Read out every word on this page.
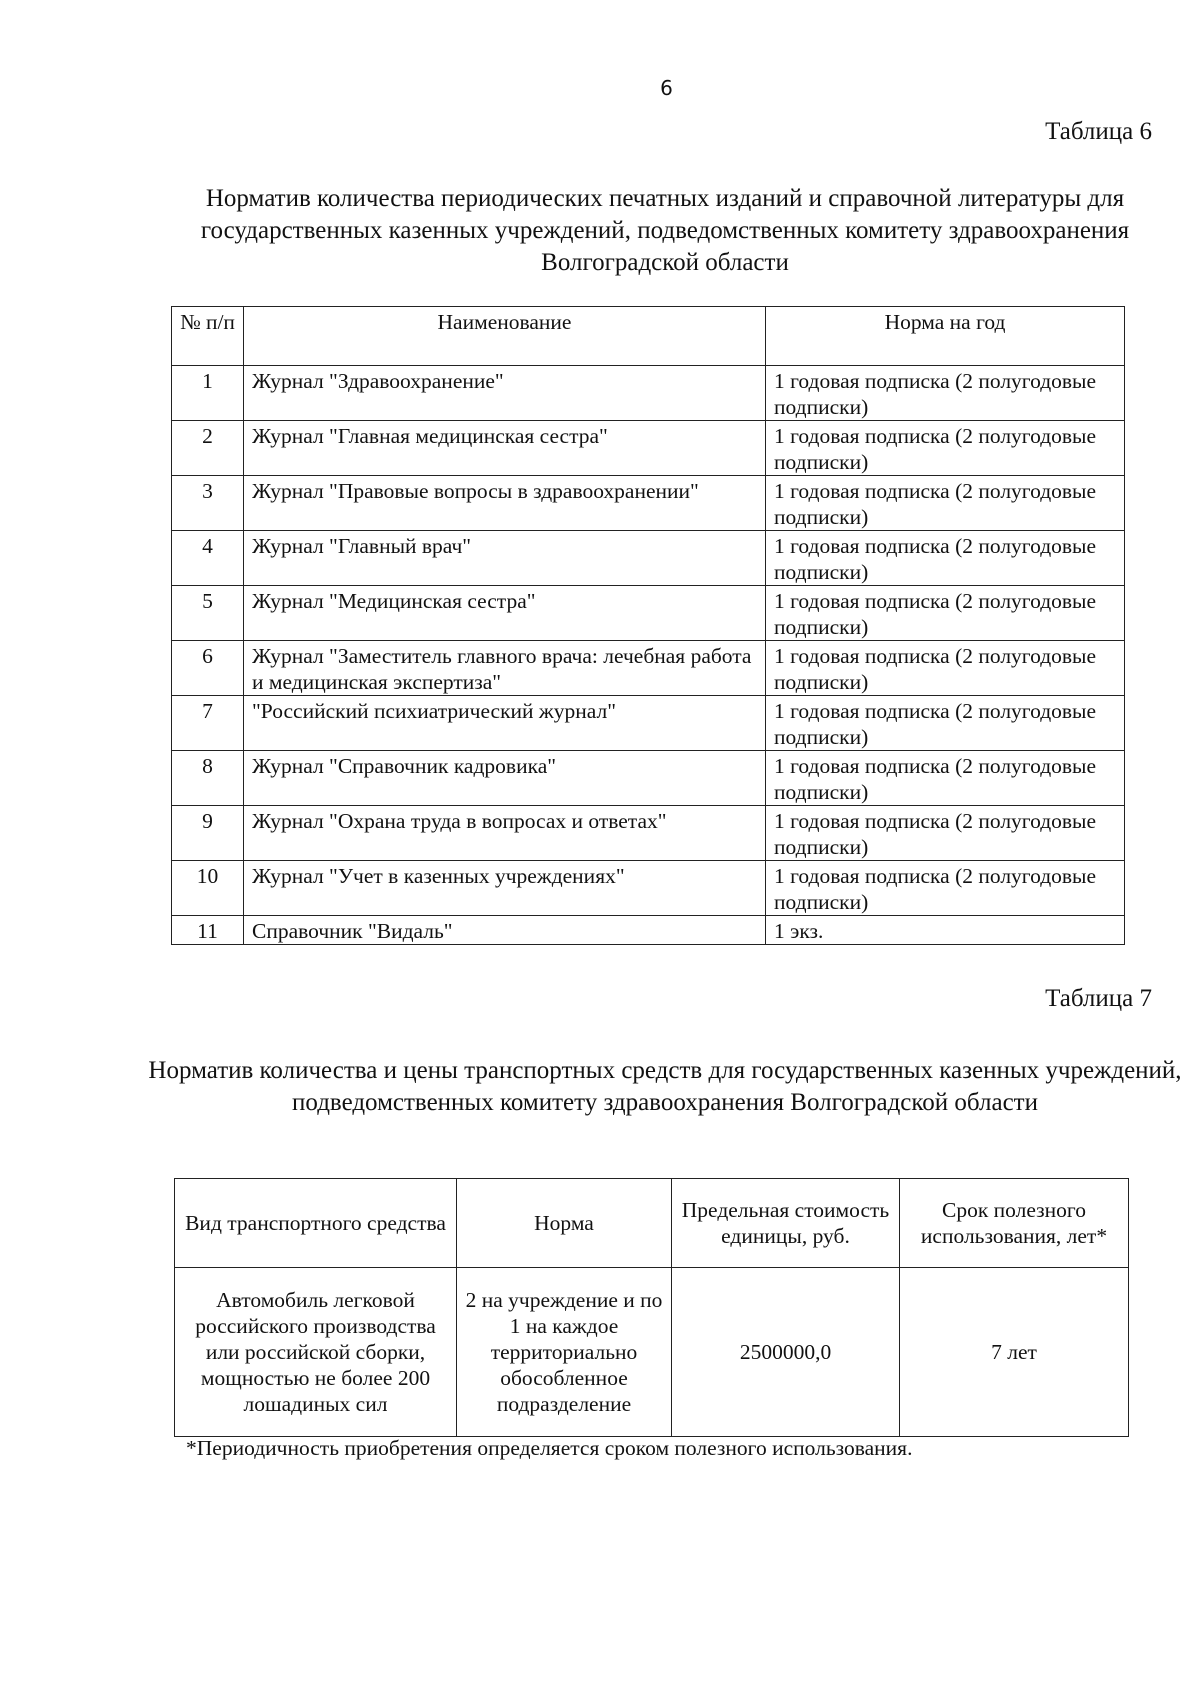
6
Таблица 6
Норматив количества периодических печатных изданий и справочной литературы для государственных казенных учреждений, подведомственных комитету здравоохранения Волгоградской области
№ п/п	Наименование	Норма на год
1	Журнал "Здравоохранение"	1 годовая подписка (2 полугодовые подписки)
2	Журнал "Главная медицинская сестра"	1 годовая подписка (2 полугодовые подписки)
3	Журнал "Правовые вопросы в здравоохранении"	1 годовая подписка (2 полугодовые подписки)
4	Журнал "Главный врач"	1 годовая подписка (2 полугодовые подписки)
5	Журнал "Медицинская сестра"	1 годовая подписка (2 полугодовые подписки)
6	Журнал "Заместитель главного врача: лечебная работа и медицинская экспертиза"	1 годовая подписка (2 полугодовые подписки)
7	"Российский психиатрический журнал"	1 годовая подписка (2 полугодовые подписки)
8	Журнал "Справочник кадровика"	1 годовая подписка (2 полугодовые подписки)
9	Журнал "Охрана труда в вопросах и ответах"	1 годовая подписка (2 полугодовые подписки)
10	Журнал "Учет в казенных учреждениях"	1 годовая подписка (2 полугодовые подписки)
11	Справочник "Видаль"	1 экз.
Таблица 7
Норматив количества и цены транспортных средств для государственных казенных учреждений, подведомственных комитету здравоохранения Волгоградской области
Вид транспортного средства	Норма	Предельная стоимость единицы, руб.	Срок полезного использования, лет*
Автомобиль легковой российского производства или российской сборки, мощностью не более 200 лошадиных сил	2 на учреждение и по 1 на каждое территориально обособленное подразделение	2500000,0	7 лет
*Периодичность приобретения определяется сроком полезного использования.
